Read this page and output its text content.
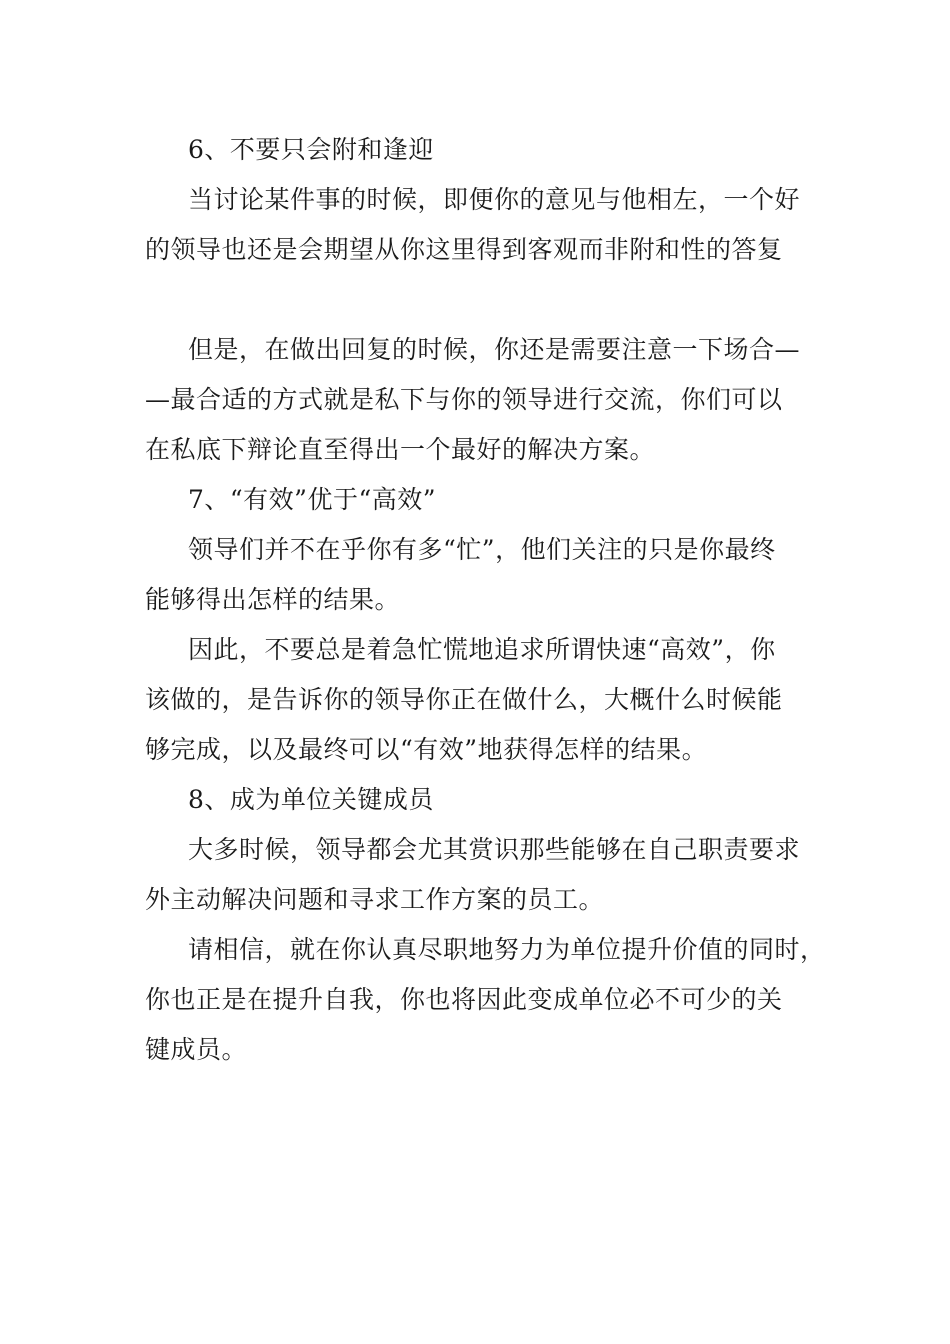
6、不要只会附和逢迎
当讨论某件事的时候，即便你的意见与他相左，一个好
的领导也还是会期望从你这里得到客观而非附和性的答复
但是，在做出回复的时候，你还是需要注意一下场合—
—最合适的方式就是私下与你的领导进行交流，你们可以
在私底下辩论直至得出一个最好的解决方案。
7、“有效”优于“高效”
领导们并不在乎你有多“忙”，他们关注的只是你最终
能够得出怎样的结果。
因此，不要总是着急忙慌地追求所谓快速“高效”，你
该做的，是告诉你的领导你正在做什么，大概什么时候能
够完成，以及最终可以“有效”地获得怎样的结果。
8、成为单位关键成员
大多时候，领导都会尤其赏识那些能够在自己职责要求
外主动解决问题和寻求工作方案的员工。
请相信，就在你认真尽职地努力为单位提升价值的同时，
你也正是在提升自我，你也将因此变成单位必不可少的关
键成员。
